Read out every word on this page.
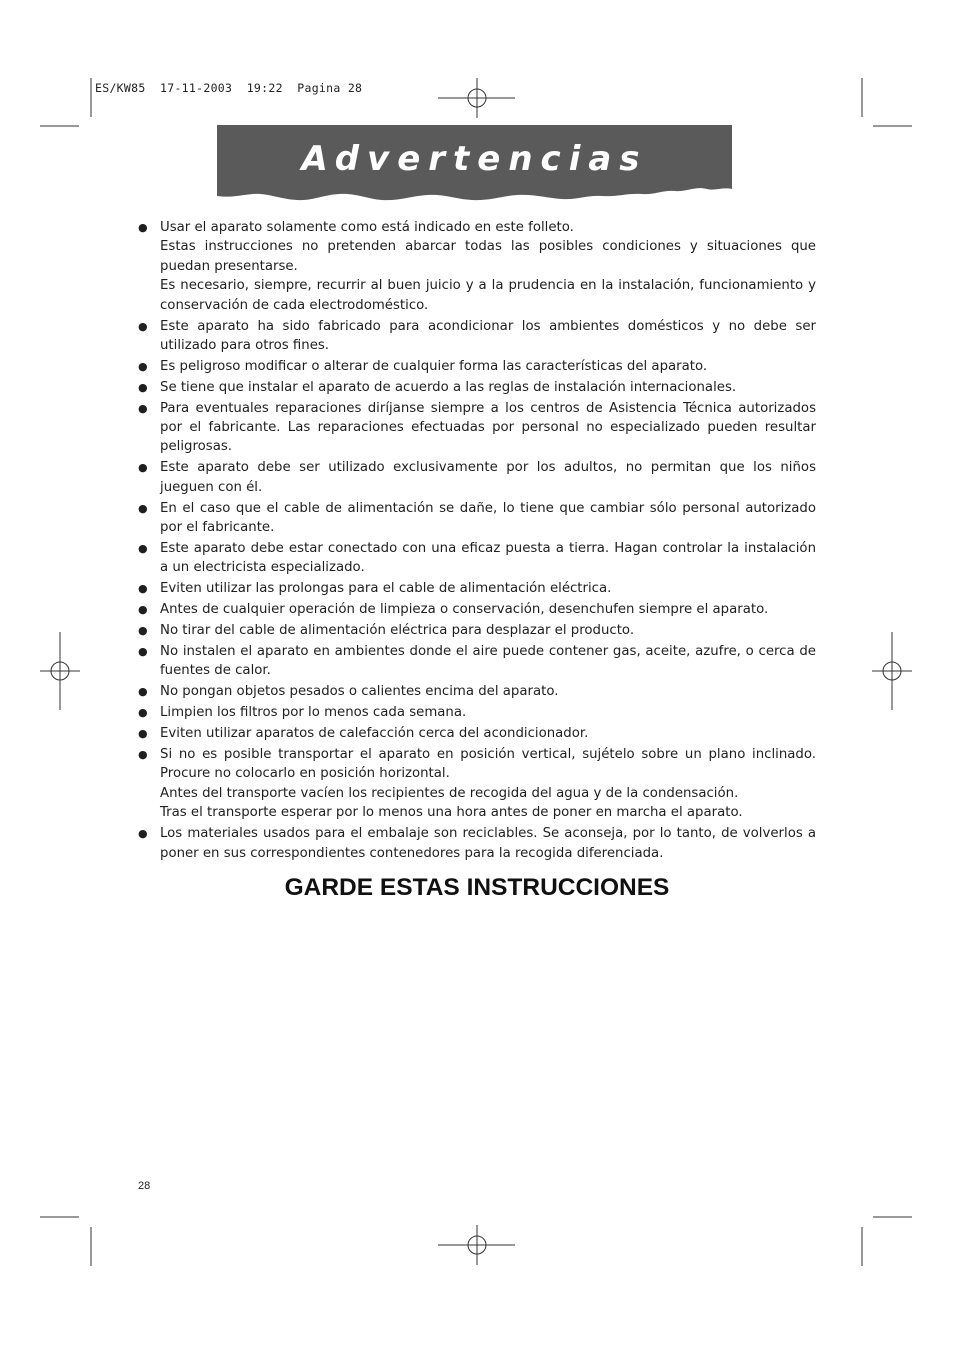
ES/KW85  17-11-2003  19:22  Pagina 28
Advertencias
● Usar el aparato solamente como está indicado en este folleto.

Estas instrucciones no pretenden abarcar todas las posibles condiciones y situaciones que puedan presentarse.

Es necesario, siempre, recurrir al buen juicio y a la prudencia en la instalación, funcionamiento y conservación de cada electrodoméstico.

● Este aparato ha sido fabricado para acondicionar los ambientes domésticos y no debe ser utilizado para otros fines.

● Es peligroso modificar o alterar de cualquier forma las características del aparato.

● Se tiene que instalar el aparato de acuerdo a las reglas de instalación internacionales.

● Para eventuales reparaciones diríjanse siempre a los centros de Asistencia Técnica autorizados por el fabricante. Las reparaciones efectuadas por personal no especializado pueden resultar peligrosas.

● Este aparato debe ser utilizado exclusivamente por los adultos, no permitan que los niños jueguen con él.

● En el caso que el cable de alimentación se dañe, lo tiene que cambiar sólo personal autorizado por el fabricante.

● Este aparato debe estar conectado con una eficaz puesta a tierra. Hagan controlar la instalación a un electricista especializado.

● Eviten utilizar las prolongas para el cable de alimentación eléctrica.

● Antes de cualquier operación de limpieza o conservación, desenchufen siempre el aparato.

● No tirar del cable de alimentación eléctrica para desplazar el producto.

● No instalen el aparato en ambientes donde el aire puede contener gas, aceite, azufre, o cerca de fuentes de calor.

● No pongan objetos pesados o calientes encima del aparato.

● Limpien los filtros por lo menos cada semana.

● Eviten utilizar aparatos de calefacción cerca del acondicionador.

● Si no es posible transportar el aparato en posición vertical, sujételo sobre un plano inclinado. Procure no colocarlo en posición horizontal.

Antes del transporte vacíen los recipientes de recogida del agua y de la condensación.

Tras el transporte esperar por lo menos una hora antes de poner en marcha el aparato.

● Los materiales usados para el embalaje son reciclables. Se aconseja, por lo tanto, de volverlos a poner en sus correspondientes contenedores para la recogida diferenciada.

GARDE ESTAS INSTRUCCIONES
28
